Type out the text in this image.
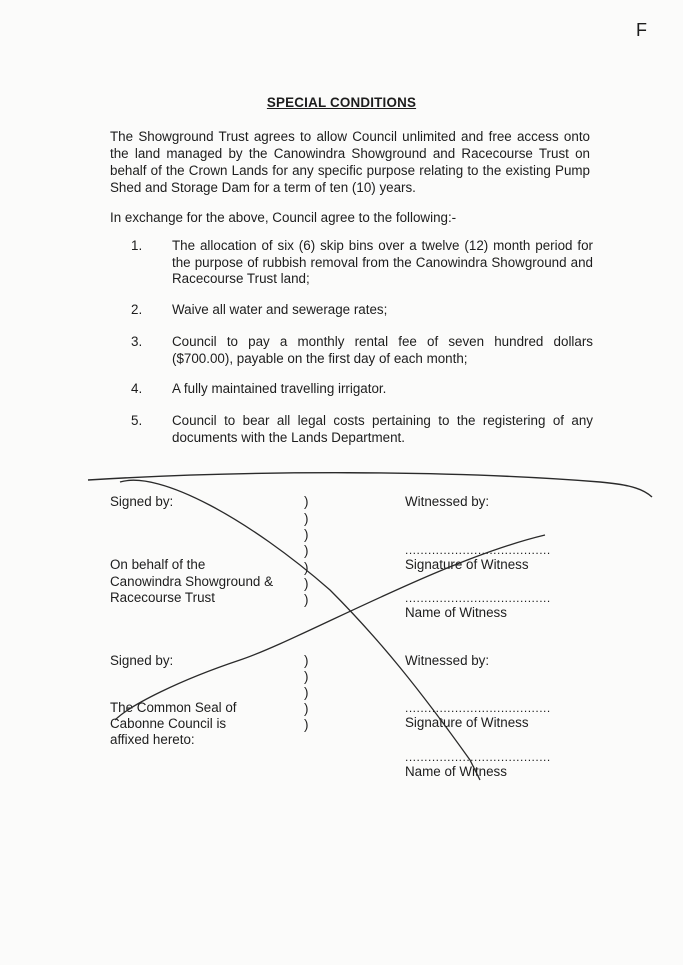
F
SPECIAL CONDITIONS
The Showground Trust agrees to allow Council unlimited and free access onto the land managed by the Canowindra Showground and Racecourse Trust on behalf of the Crown Lands for any specific purpose relating to the existing Pump Shed and Storage Dam for a term of ten (10) years.
In exchange for the above, Council agree to the following:-
1. The allocation of six (6) skip bins over a twelve (12) month period for the purpose of rubbish removal from the Canowindra Showground and Racecourse Trust land;
2. Waive all water and sewerage rates;
3. Council to pay a monthly rental fee of seven hundred dollars ($700.00), payable on the first day of each month;
4. A fully maintained travelling irrigator.
5. Council to bear all legal costs pertaining to the registering of any documents with the Lands Department.
Signed by:
On behalf of the
Canowindra Showground &
Racecourse Trust
)
)
)
)
)
)
)
Witnessed by:
......................................
Signature of Witness
......................................
Name of Witness
Signed by:
The Common Seal of
Cabonne Council is
affixed hereto:
)
)
)
)
)
Witnessed by:
......................................
Signature of Witness
......................................
Name of Witness
